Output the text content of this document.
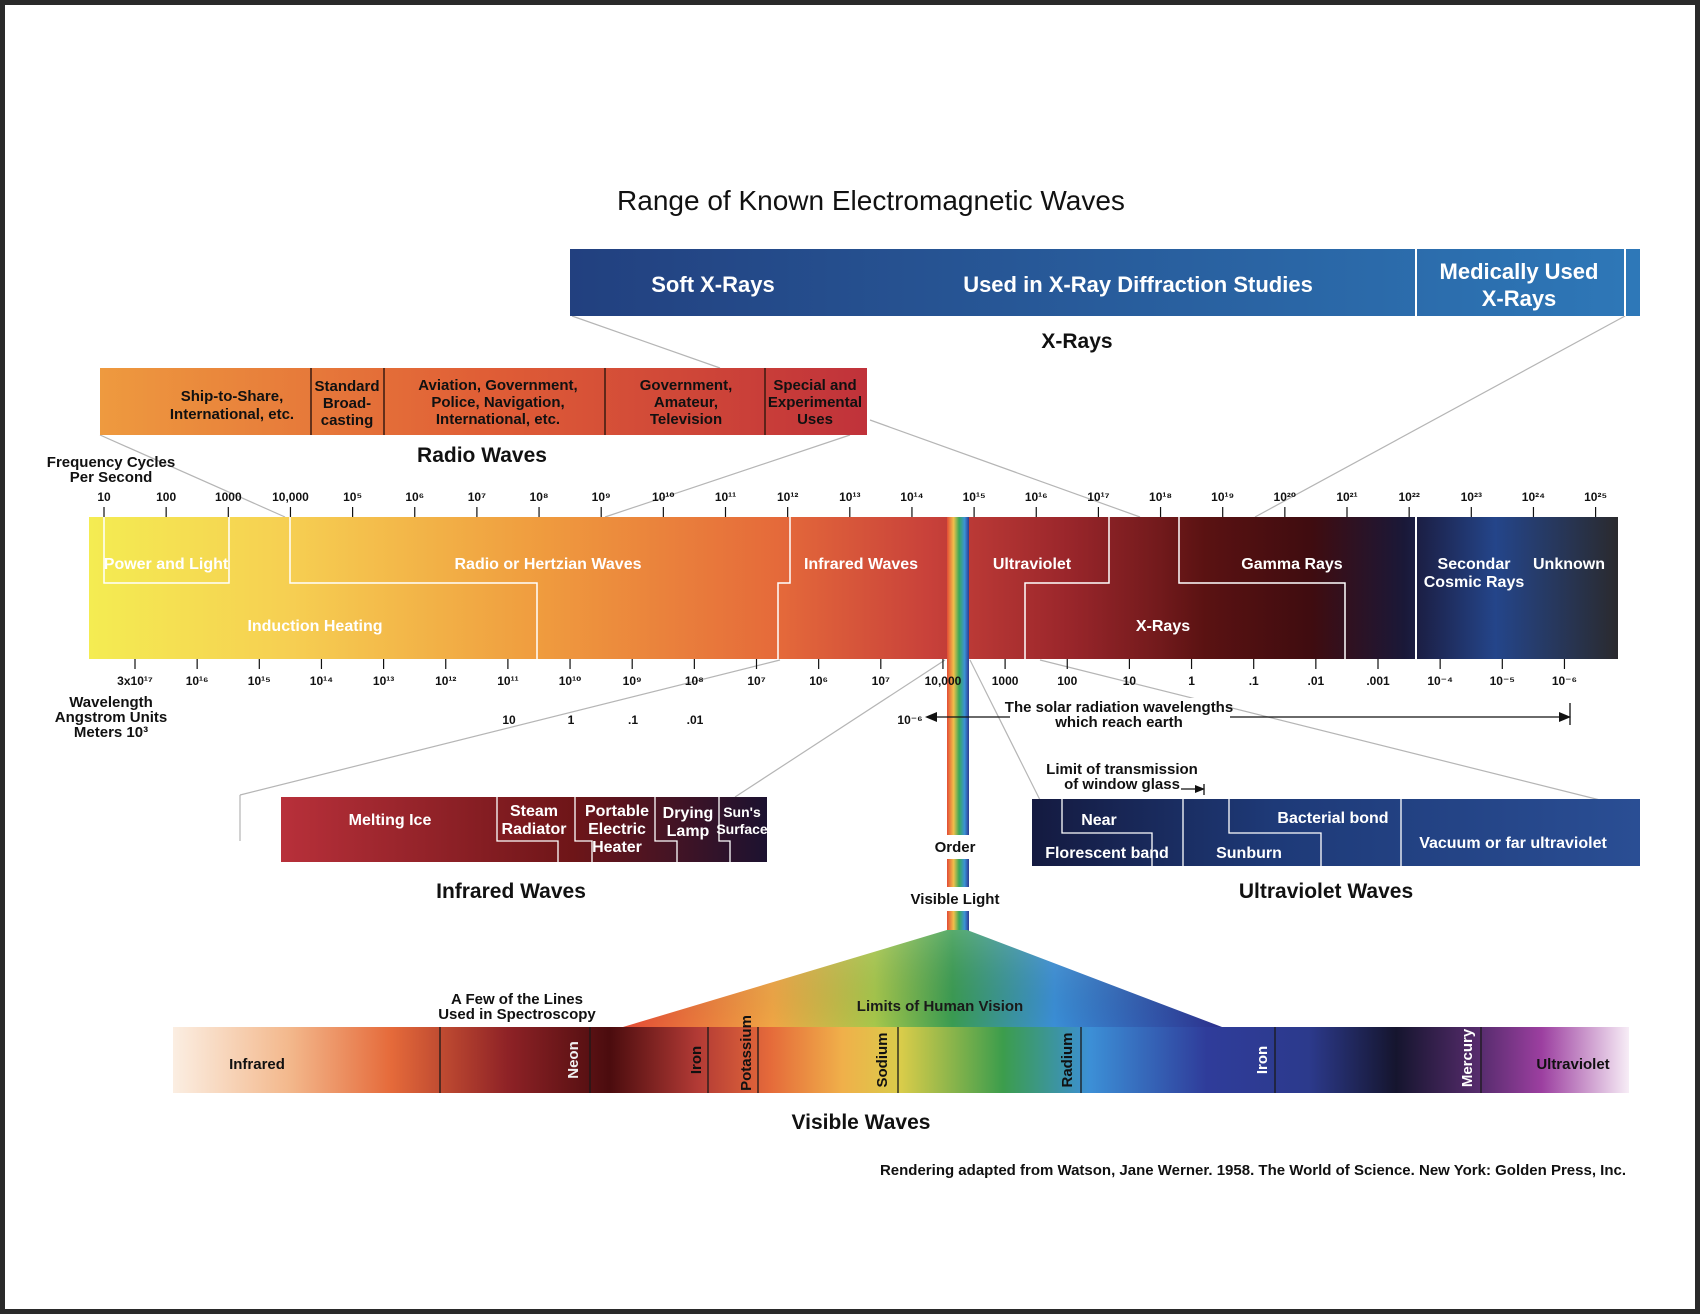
Range of Known Electromagnetic Waves
Soft X-Rays	Used in X-Ray Diffraction Studies
Medically Used X-Rays
X-Rays
Ship-to-Share, International, etc.
Standard Broad-casting
Aviation, Government, Police, Navigation, International, etc.
Government, Amateur, Television
Special and Experimental Uses
Radio Waves
Frequency Cycles Per Second
10	100	1000	10,000	10⁵	10⁶	10⁷	10⁸	10⁹	10¹⁰	10¹¹	10¹²	10¹³	10¹⁴	10¹⁵	10¹⁶	10¹⁷	10¹⁸	10¹⁹	10²⁰	10²¹	10²²	10²³	10²⁴	10²⁵
Power and Light
Induction Heating
Radio or Hertzian Waves	Infrared Waves	Ultraviolet
X-Rays
Gamma Rays	Secondar Cosmic Rays
Unknown
3x10¹⁷	10¹⁶	10¹⁵	10¹⁴	10¹³	10¹²	10¹¹	10¹⁰	10⁹	10⁸	10⁷	10⁶	10⁷	10,000	1000	100	10	1	.1	.01	.001	10⁻⁴	10⁻⁵	10⁻⁶
Wavelength Angstrom Units Meters 10³
10	1	.1	.01	10⁻⁶
The solar radiation wavelengths which reach earth
Limit of transmission of window glass
Melting Ice
Steam Radiator
Portable Electric Heater
Drying Lamp
Sun's Surface
Infrared Waves
Near
Florescent band	Sunburn
Bacterial bond
Vacuum or far ultraviolet
Ultraviolet Waves
Order
Visible Light
Limits of Human Vision
Infrared	Ultraviolet
Neon	Iron Potassium	Sodium	Radium	Iron	Mercury
A Few of the Lines Used in Spectroscopy
Visible Waves
Rendering adapted from Watson, Jane Werner. 1958. The World of Science. New York: Golden Press, Inc.
